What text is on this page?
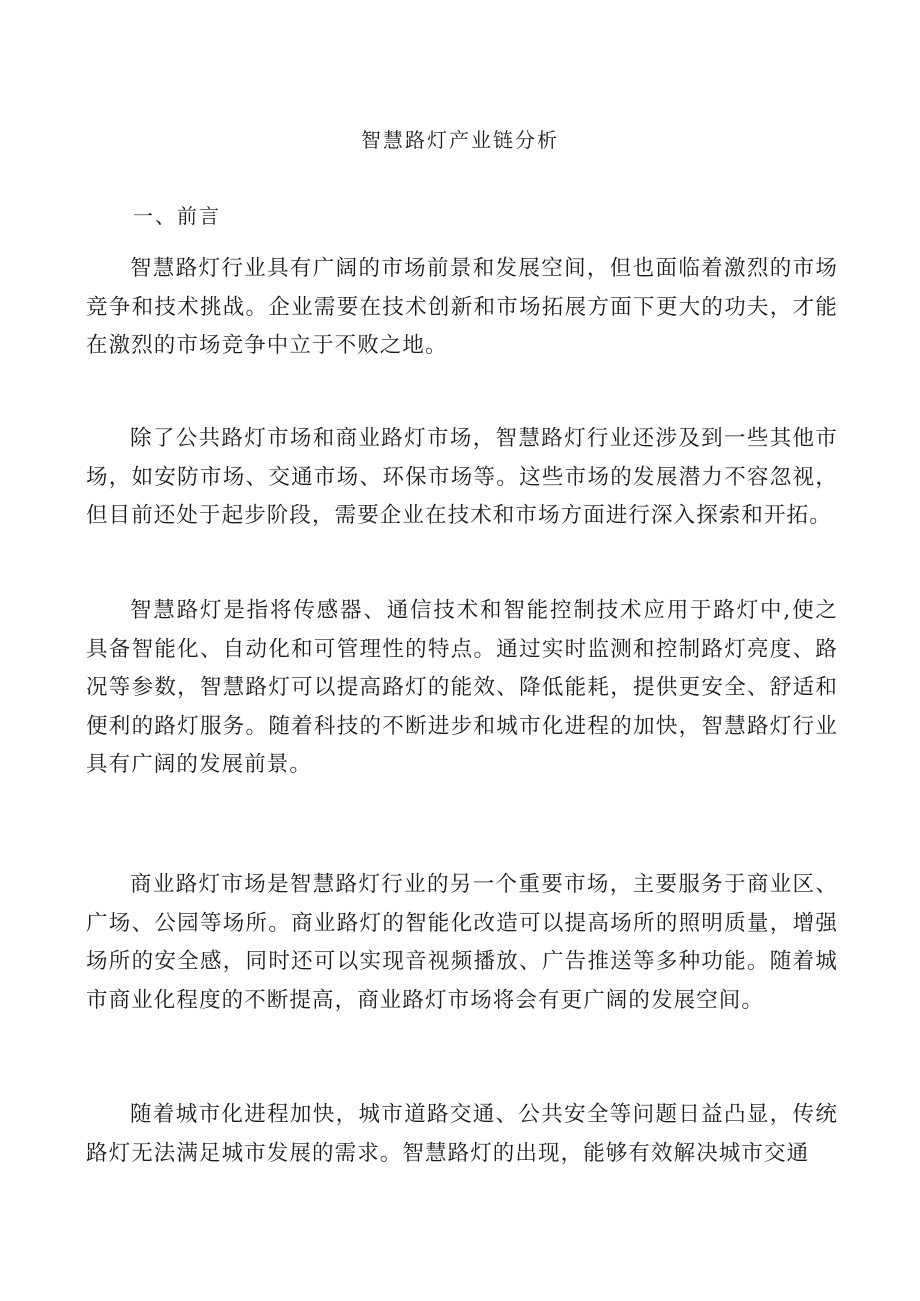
智慧路灯产业链分析
一、前言

智慧路灯行业具有广阔的市场前景和发展空间，但也面临着激烈的市场竞争和技术挑战。企业需要在技术创新和市场拓展方面下更大的功夫，才能在激烈的市场竞争中立于不败之地。

除了公共路灯市场和商业路灯市场，智慧路灯行业还涉及到一些其他市场，如安防市场、交通市场、环保市场等。这些市场的发展潜力不容忽视，但目前还处于起步阶段，需要企业在技术和市场方面进行深入探索和开拓。

智慧路灯是指将传感器、通信技术和智能控制技术应用于路灯中,使之具备智能化、自动化和可管理性的特点。通过实时监测和控制路灯亮度、路况等参数，智慧路灯可以提高路灯的能效、降低能耗，提供更安全、舒适和便利的路灯服务。随着科技的不断进步和城市化进程的加快，智慧路灯行业具有广阔的发展前景。

商业路灯市场是智慧路灯行业的另一个重要市场，主要服务于商业区、广场、公园等场所。商业路灯的智能化改造可以提高场所的照明质量，增强场所的安全感，同时还可以实现音视频播放、广告推送等多种功能。随着城市商业化程度的不断提高，商业路灯市场将会有更广阔的发展空间。

随着城市化进程加快，城市道路交通、公共安全等问题日益凸显，传统路灯无法满足城市发展的需求。智慧路灯的出现，能够有效解决城市交通
